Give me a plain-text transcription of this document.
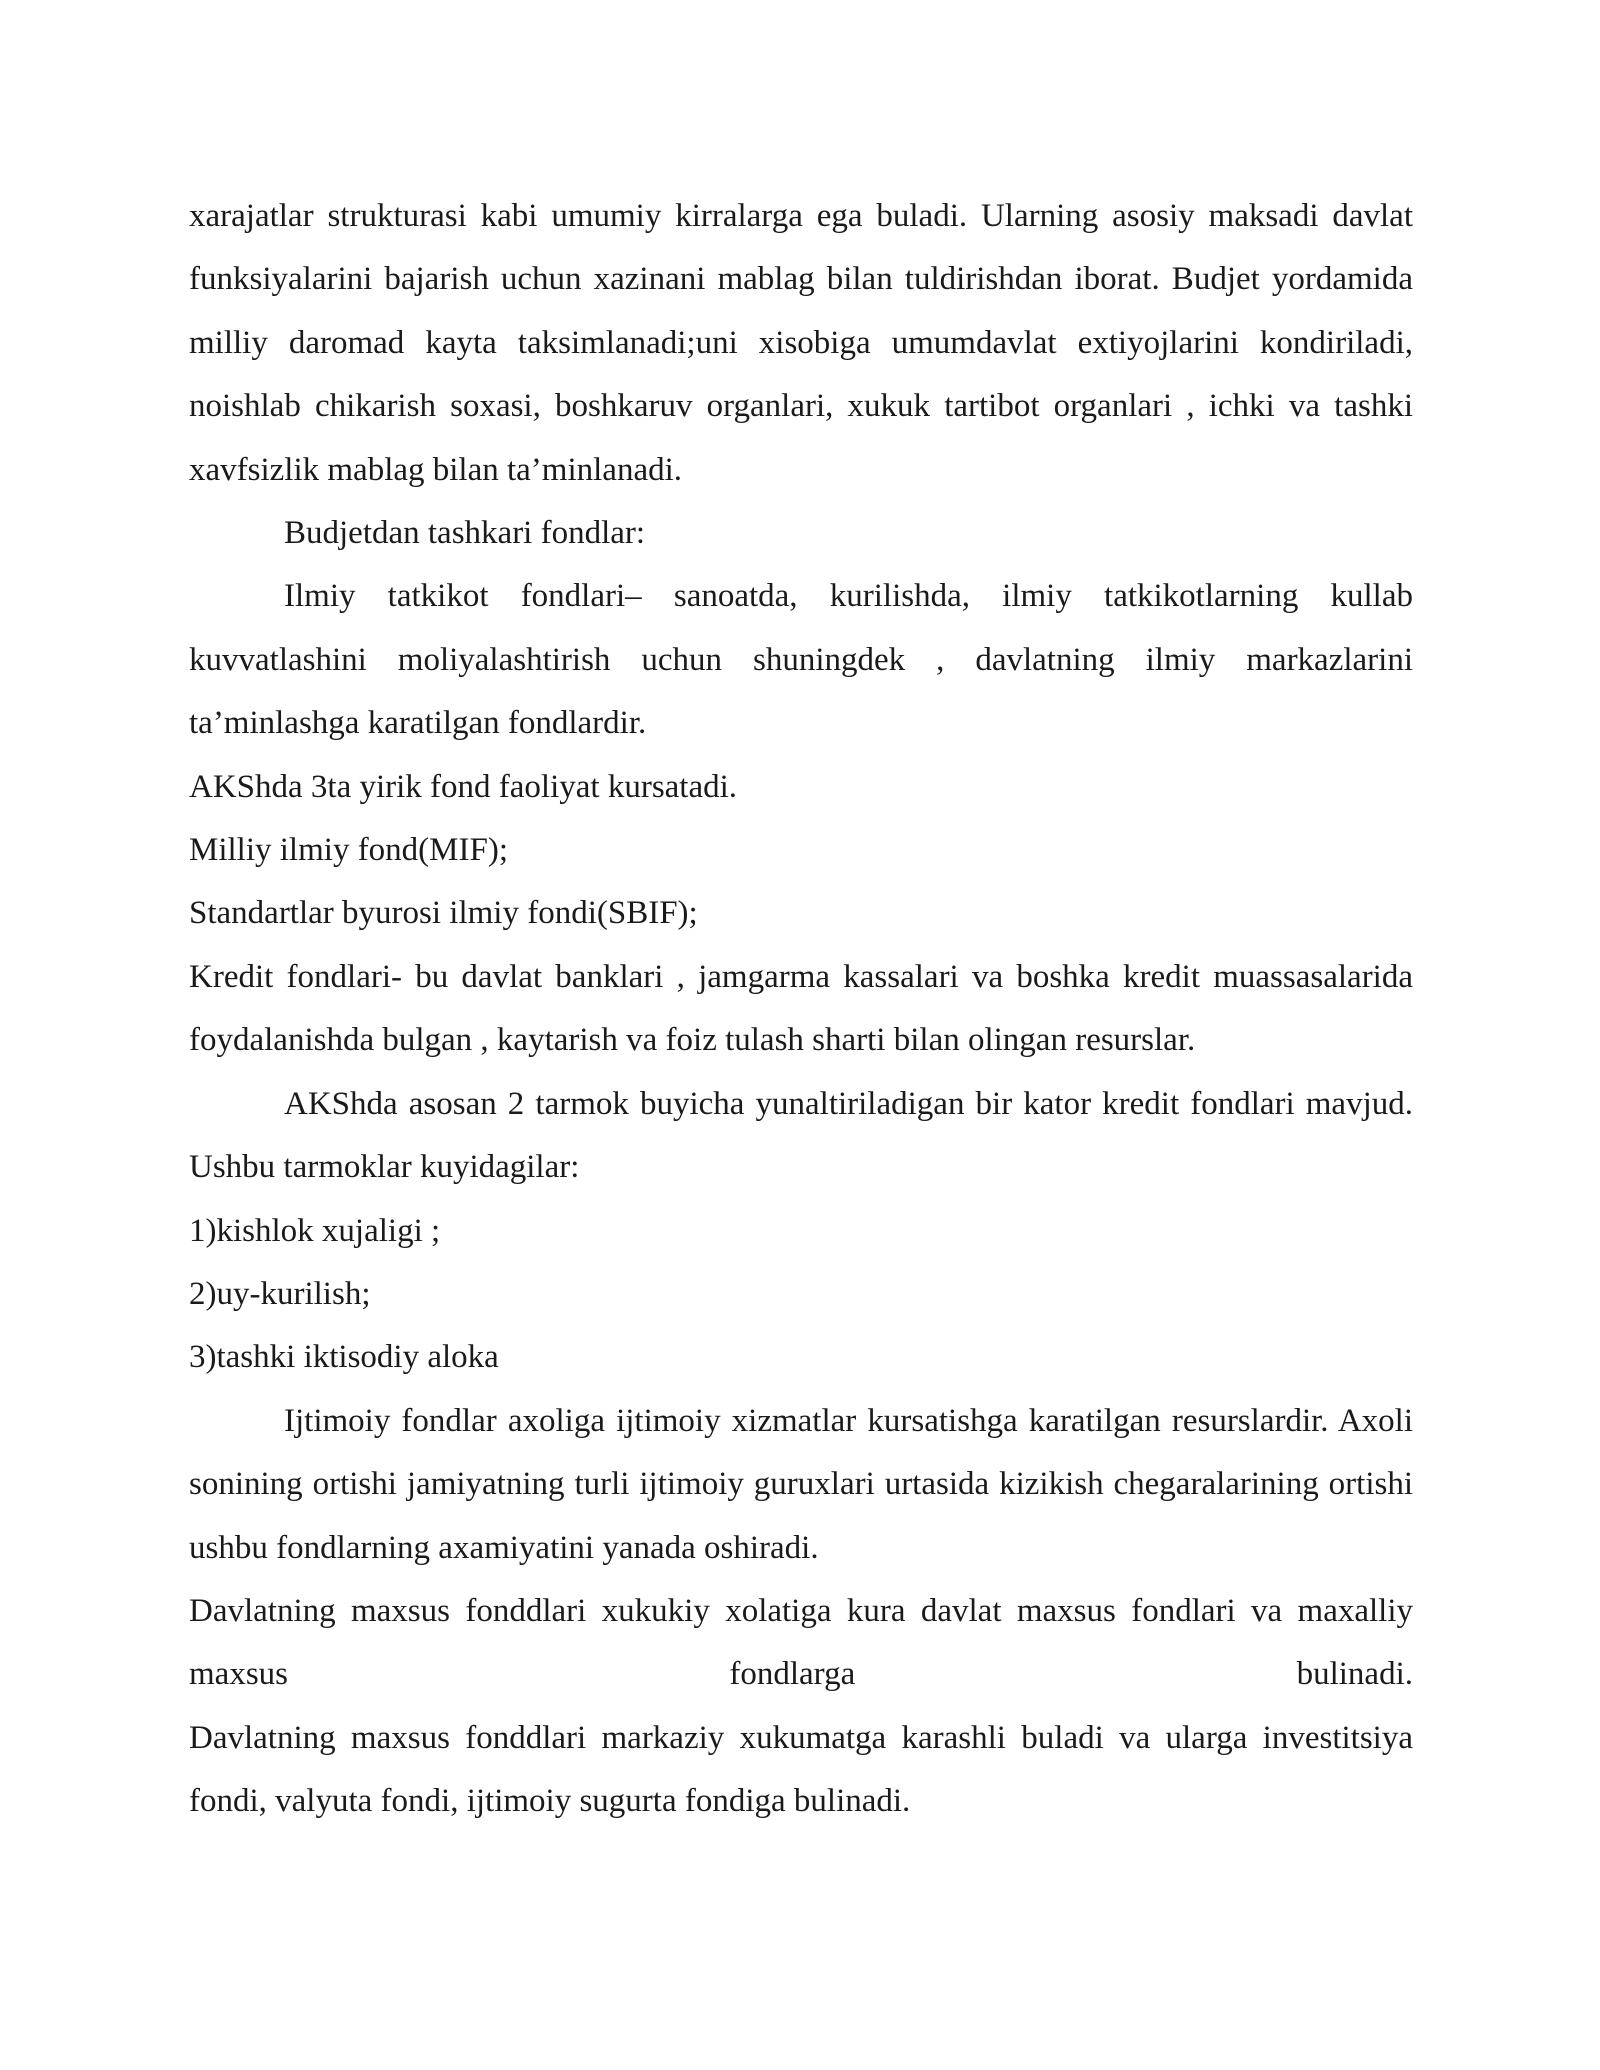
xarajatlar strukturasi kabi umumiy kirralarga ega buladi. Ularning asosiy maksadi davlat funksiyalarini bajarish uchun xazinani mablag bilan tuldirishdan iborat. Budjet yordamida milliy daromad kayta taksimlanadi;uni xisobiga umumdavlat extiyojlarini kondiriladi, noishlab chikarish soxasi, boshkaruv organlari, xukuk tartibot organlari , ichki va tashki xavfsizlik mablag bilan ta’minlanadi.

Budjetdan tashkari fondlar:

Ilmiy tatkikot fondlari– sanoatda, kurilishda, ilmiy tatkikotlarning kullab kuvvatlashini moliyalashtirish uchun shuningdek , davlatning ilmiy markazlarini ta’minlashga karatilgan fondlardir.

AKShda 3ta yirik fond faoliyat kursatadi.

Milliy ilmiy fond(MIF);

Standartlar byurosi ilmiy fondi(SBIF);

Kredit fondlari- bu davlat banklari , jamgarma kassalari va boshka kredit muassasalarida foydalanishda bulgan , kaytarish va foiz tulash sharti bilan olingan resurslar.

AKShda asosan 2 tarmok buyicha yunaltiriladigan bir kator kredit fondlari mavjud. Ushbu tarmoklar kuyidagilar:

1)kishlok xujaligi ;

2)uy-kurilish;

3)tashki iktisodiy aloka

Ijtimoiy fondlar axoliga ijtimoiy xizmatlar kursatishga karatilgan resurslardir. Axoli sonining ortishi jamiyatning turli ijtimoiy guruxlari urtasida kizikish chegaralarining ortishi ushbu fondlarning axamiyatini yanada oshiradi.

Davlatning maxsus fonddlari xukukiy xolatiga kura davlat maxsus fondlari va maxalliy maxsus fondlarga bulinadi.

Davlatning maxsus fonddlari markaziy xukumatga karashli buladi va ularga investitsiya fondi, valyuta fondi, ijtimoiy sugurta fondiga bulinadi.
